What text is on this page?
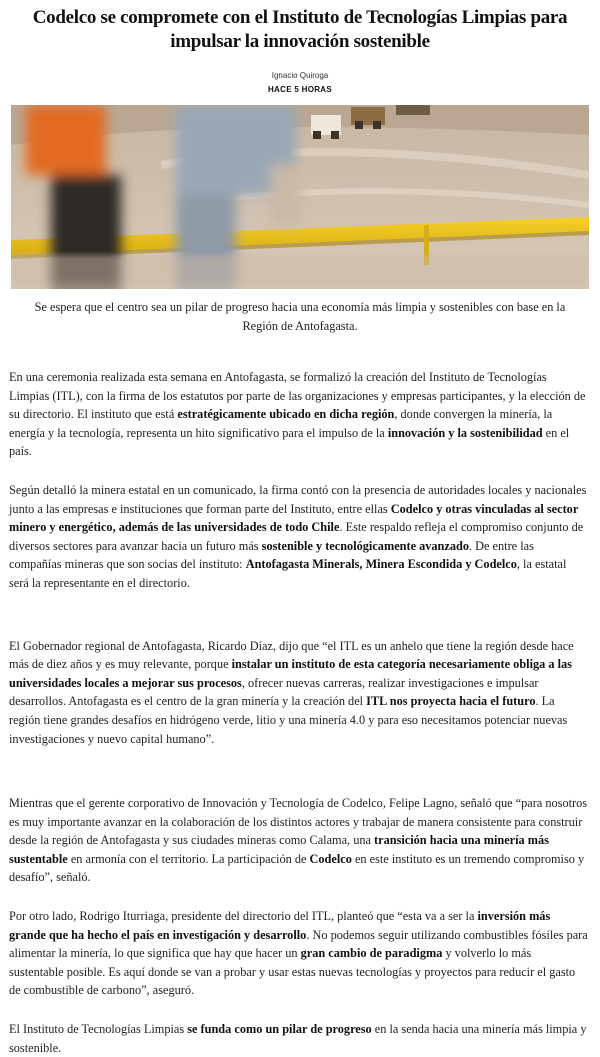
Codelco se compromete con el Instituto de Tecnologías Limpias para impulsar la innovación sostenible
Ignacio Quiroga
HACE 5 HORAS
Se espera que el centro sea un pilar de progreso hacia una economía más limpia y sostenibles con base en la Región de Antofagasta.

En una ceremonia realizada esta semana en Antofagasta, se formalizó la creación del Instituto de Tecnologías Limpias (ITL), con la firma de los estatutos por parte de las organizaciones y empresas participantes, y la elección de su directorio. El instituto que está estratégicamente ubicado en dicha región, donde convergen la minería, la energía y la tecnología, representa un hito significativo para el impulso de la innovación y la sostenibilidad en el país.

Según detalló la minera estatal en un comunicado, la firma contó con la presencia de autoridades locales y nacionales junto a las empresas e instituciones que forman parte del Instituto, entre ellas Codelco y otras vinculadas al sector minero y energético, además de las universidades de todo Chile. Este respaldo refleja el compromiso conjunto de diversos sectores para avanzar hacia un futuro más sostenible y tecnológicamente avanzado. De entre las compañías mineras que son socias del instituto: Antofagasta Minerals, Minera Escondida y Codelco, la estatal será la representante en el directorio.

El Gobernador regional de Antofagasta, Ricardo Díaz, dijo que “el ITL es un anhelo que tiene la región desde hace más de diez años y es muy relevante, porque instalar un instituto de esta categoría necesariamente obliga a las universidades locales a mejorar sus procesos, ofrecer nuevas carreras, realizar investigaciones e impulsar desarrollos. Antofagasta es el centro de la gran minería y la creación del ITL nos proyecta hacia el futuro. La región tiene grandes desafíos en hidrógeno verde, litio y una minería 4.0 y para eso necesitamos potenciar nuevas investigaciones y nuevo capital humano”.

Mientras que el gerente corporativo de Innovación y Tecnología de Codelco, Felipe Lagno, señaló que “para nosotros es muy importante avanzar en la colaboración de los distintos actores y trabajar de manera consistente para construir desde la región de Antofagasta y sus ciudades mineras como Calama, una transición hacia una minería más sustentable en armonía con el territorio. La participación de Codelco en este instituto es un tremendo compromiso y desafío”, señaló.

Por otro lado, Rodrigo Iturriaga, presidente del directorio del ITL, planteó que “esta va a ser la inversión más grande que ha hecho el país en investigación y desarrollo. No podemos seguir utilizando combustibles fósiles para alimentar la minería, lo que significa que hay que hacer un gran cambio de paradigma y volverlo lo más sustentable posible. Es aquí donde se van a probar y usar estas nuevas tecnologías y proyectos para reducir el gasto de combustible de carbono”, aseguró.

El Instituto de Tecnologías Limpias se funda como un pilar de progreso en la senda hacia una minería más limpia y sostenible.
